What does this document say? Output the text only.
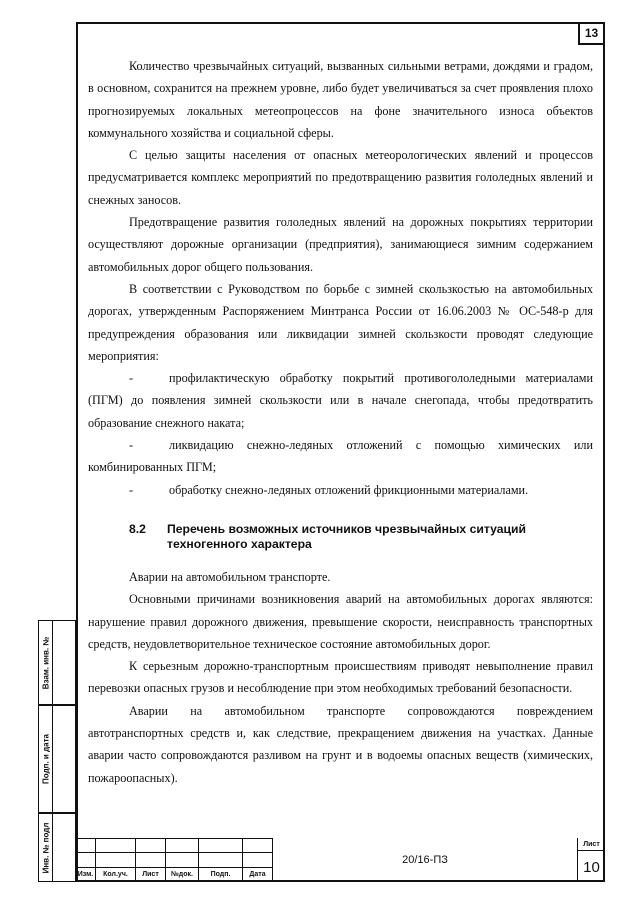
13

Количество чрезвычайных ситуаций, вызванных сильными ветрами, дождями и градом, в основном, сохранится на прежнем уровне, либо будет увеличиваться за счет проявления плохо прогнозируемых локальных метеопроцессов на фоне значительного износа объектов коммунального хозяйства и социальной сферы.

С целью защиты населения от опасных метеорологических явлений и процессов предусматривается комплекс мероприятий по предотвращению развития гололедных явлений и снежных заносов.

Предотвращение развития гололедных явлений на дорожных покрытиях территории осуществляют дорожные организации (предприятия), занимающиеся зимним содержанием автомобильных дорог общего пользования.

В соответствии с Руководством по борьбе с зимней скользкостью на автомобильных дорогах, утвержденным Распоряжением Минтранса России от 16.06.2003 № ОС-548-р для предупреждения образования или ликвидации зимней скользкости проводят следующие мероприятия:

-	профилактическую обработку покрытий противогололедными материалами (ПГМ) до появления зимней скользкости или в начале снегопада, чтобы предотвратить образование снежного наката;

-	ликвидацию снежно-ледяных отложений с помощью химических или комбинированных ПГМ;

-	обработку снежно-ледяных отложений фрикционными материалами.

8.2	Перечень возможных источников чрезвычайных ситуаций техногенного характера

Аварии на автомобильном транспорте.

Основными причинами возникновения аварий на автомобильных дорогах являются: нарушение правил дорожного движения, превышение скорости, неисправность транспортных средств, неудовлетворительное техническое состояние автомобильных дорог.

К серьезным дорожно-транспортным происшествиям приводят невыполнение правил перевозки опасных грузов и несоблюдение при этом необходимых требований безопасности.

Аварии на автомобильном транспорте сопровождаются повреждением автотранспортных средств и, как следствие, прекращением движения на участках. Данные аварии часто сопровождаются разливом на грунт и в водоемы опасных веществ (химических, пожароопасных).

Взам. инв. №
Подп. и дата
Инв. № подл
Изм.	Кол.уч.	Лист	№док.	Подп.	Дата
20/16-ПЗ
Лист
10
